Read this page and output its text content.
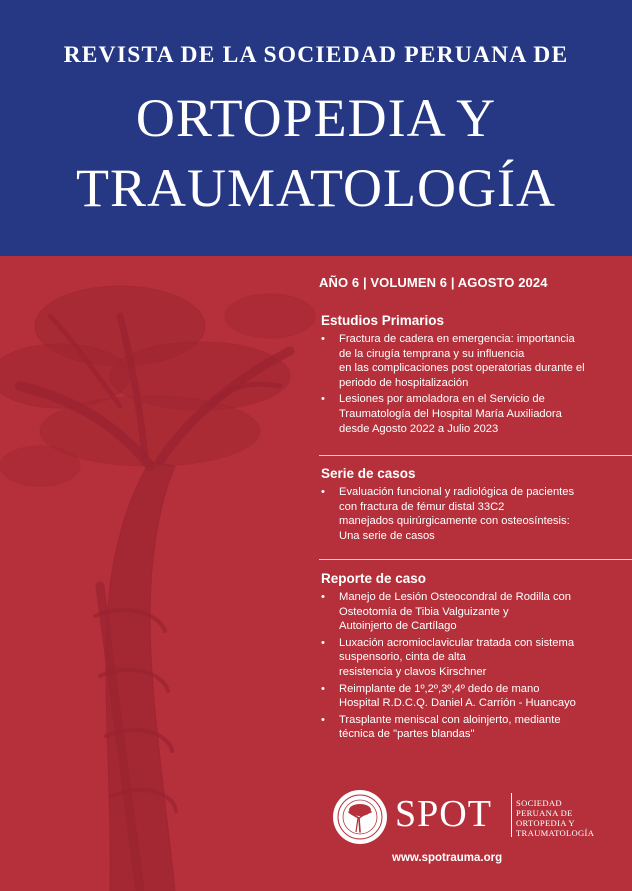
REVISTA DE LA SOCIEDAD PERUANA DE
ORTOPEDIA Y
TRAUMATOLOGÍA
AÑO 6 | VOLUMEN 6 | AGOSTO 2024
Estudios Primarios
• Fractura de cadera en emergencia: importancia
de la cirugía temprana y su influencia
en las complicaciones post operatorias durante el
periodo de hospitalización
• Lesiones por amoladora en el Servicio de
Traumatología del Hospital María Auxiliadora
desde Agosto 2022 a Julio 2023
Serie de casos
• Evaluación funcional y radiológica de pacientes
con fractura de fémur distal 33C2
manejados quirúrgicamente con osteosíntesis:
Una serie de casos
Reporte de caso
• Manejo de Lesión Osteocondral de Rodilla con
Osteotomía de Tibia Valguizante y
Autoinjerto de Cartílago
• Luxación acromioclavicular tratada con sistema
suspensorio, cinta de alta
resistencia y clavos Kirschner
• Reimplante de 1º,2º,3º,4º dedo de mano
Hospital R.D.C.Q. Daniel A. Carrión - Huancayo
• Trasplante meniscal con aloinjerto, mediante
técnica de "partes blandas"
SPOT	SOCIEDAD
PERUANA DE
ORTOPEDIA Y
TRAUMATOLOGÍA
www.spotrauma.org
